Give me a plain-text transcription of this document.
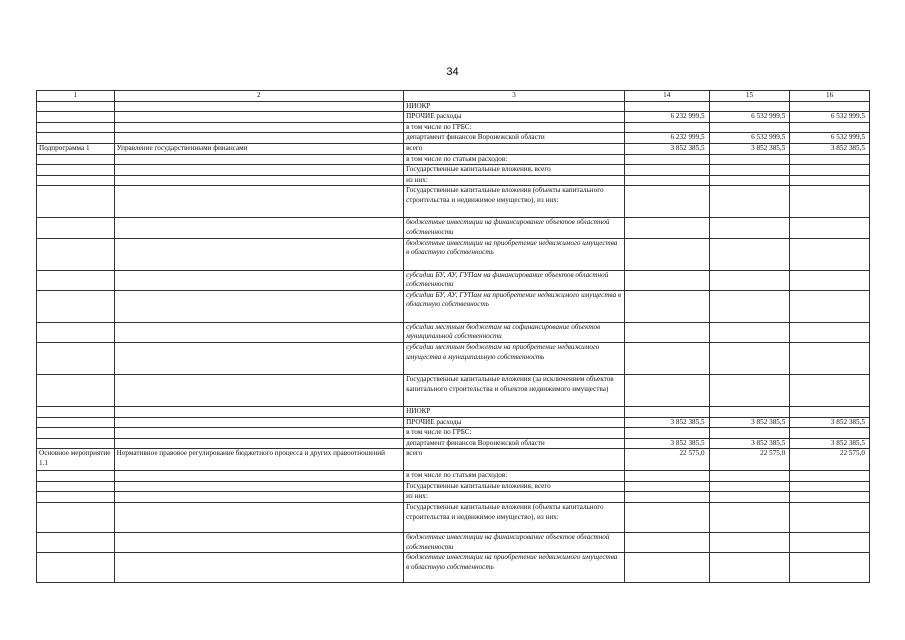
34
1	2	3	14	15	16
		НИОКР			
		ПРОЧИЕ расходы	6 232 999,5	6 532 999,5	6 532 999,5
		в том числе по ГРБС:			
		департамент финансов Воронежской области	6 232 999,5	6 532 999,5	6 532 999,5
Подпрограмма 1	Управление государственными финансами	всего	3 852 385,5	3 852 385,5	3 852 385,5
		в том числе по статьям расходов:			
		Государственные капитальные вложения, всего			
		из них:			
		Государственные капитальные вложения (объекты капитального строительства и недвижимое имущество), из них:			
		бюджетные инвестиции на финансирование объектов областной собственности			
		бюджетные инвестиции на приобретение недвижимого имущества в областную собственность			
		субсидии БУ, АУ, ГУПам на финансирование объектов областной собственности			
		субсидии БУ, АУ, ГУПам на приобретение недвижимого имущества в областную собственность			
		субсидии местным бюджетам на софинансирование объектов муниципальной собственности			
		субсидии местным бюджетам на приобретение недвижимого имущества в муниципальную собственность			
		Государственные капитальные вложения (за исключением объектов капитального строительства и объектов недвижимого имущества)			
		НИОКР			
		ПРОЧИЕ расходы	3 852 385,5	3 852 385,5	3 852 385,5
		в том числе по ГРБС:			
		департамент финансов Воронежской области	3 852 385,5	3 852 385,5	3 852 385,5
Основное мероприятие 1.1	Нормативное правовое регулирование бюджетного процесса и других правоотношений	всего	22 575,0	22 575,0	22 575,0
		в том числе по статьям расходов:			
		Государственные капитальные вложения, всего			
		из них:			
		Государственные капитальные вложения (объекты капитального строительства и недвижимое имущество), из них:			
		бюджетные инвестиции на финансирование объектов областной собственности			
		бюджетные инвестиции на приобретение недвижимого имущества в областную собственность			
